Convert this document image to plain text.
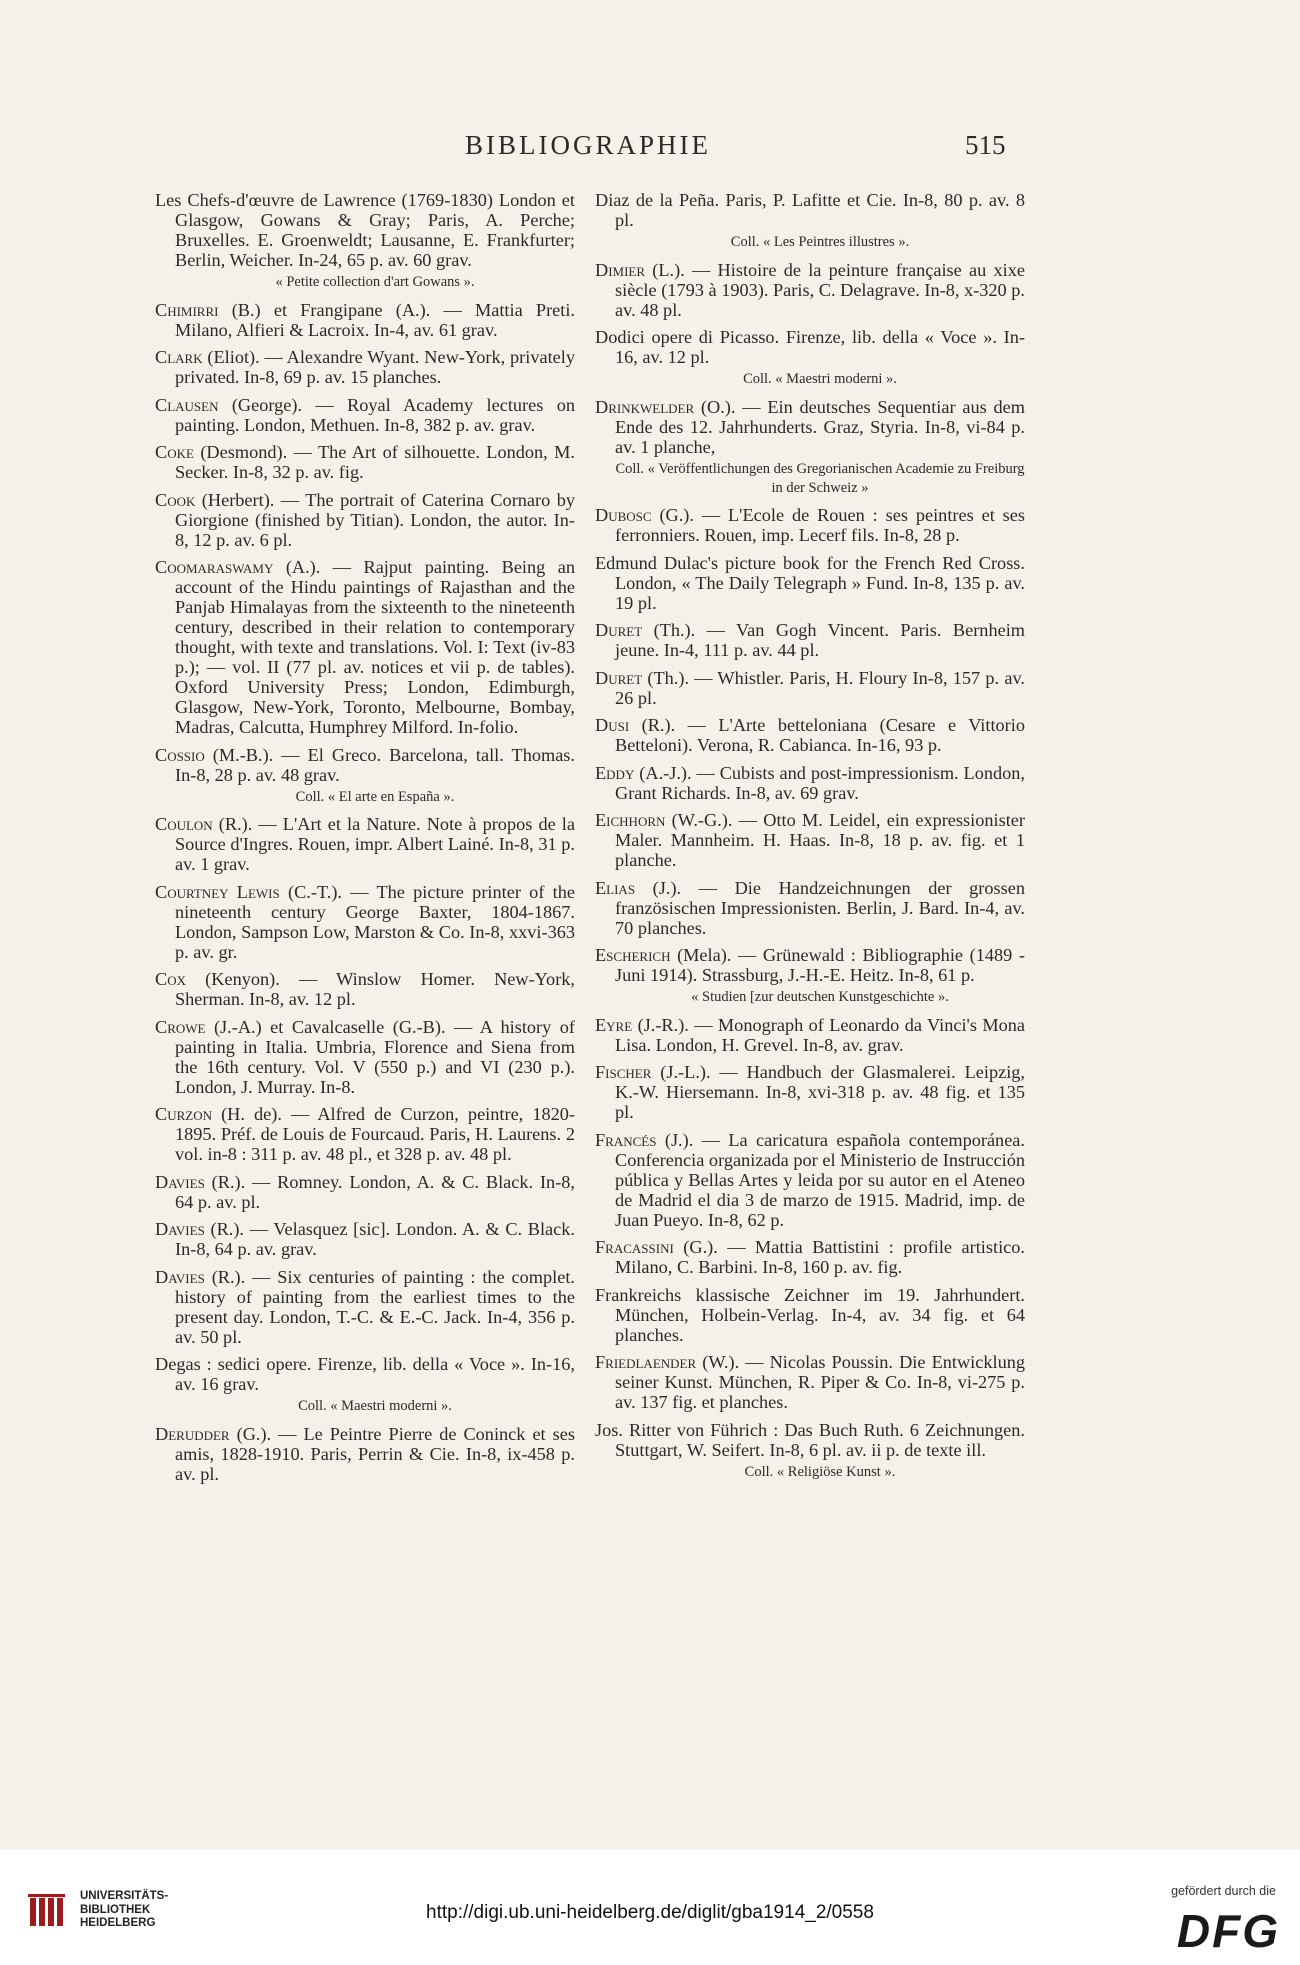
BIBLIOGRAPHIE	515

Les Chefs-d'œuvre de Lawrence (1769-1830) London et Glasgow, Gowans & Gray; Paris, A. Perche; Bruxelles. E. Groenweldt; Lausanne, E. Frankfurter; Berlin, Weicher. In-24, 65 p. av. 60 grav.
« Petite collection d'art Gowans ».

Chimirri (B.) et Frangipane (A.). — Mattia Preti. Milano, Alfieri & Lacroix. In-4, av. 61 grav.

Clark (Eliot). — Alexandre Wyant. New-York, privately privated. In-8, 69 p. av. 15 planches.

Clausen (George). — Royal Academy lectures on painting. London, Methuen. In-8, 382 p. av. grav.

Coke (Desmond). — The Art of silhouette. London, M. Secker. In-8, 32 p. av. fig.

Cook (Herbert). — The portrait of Caterina Cornaro by Giorgione (finished by Titian). London, the autor. In-8, 12 p. av. 6 pl.

Coomaraswamy (A.). — Rajput painting. Being an account of the Hindu paintings of Rajasthan and the Panjab Himalayas from the sixteenth to the nineteenth century, described in their relation to contemporary thought, with texte and translations. Vol. I: Text (iv-83 p.); — vol. II (77 pl. av. notices et vii p. de tables). Oxford University Press; London, Edimburgh, Glasgow, New-York, Toronto, Melbourne, Bombay, Madras, Calcutta, Humphrey Milford. In-folio.

Cossio (M.-B.). — El Greco. Barcelona, tall. Thomas. In-8, 28 p. av. 48 grav.
Coll. « El arte en España ».

Coulon (R.). — L'Art et la Nature. Note à propos de la Source d'Ingres. Rouen, impr. Albert Lainé. In-8, 31 p. av. 1 grav.

Courtney Lewis (C.-T.). — The picture printer of the nineteenth century George Baxter, 1804-1867. London, Sampson Low, Marston & Co. In-8, xxvi-363 p. av. gr.

Cox (Kenyon). — Winslow Homer. New-York, Sherman. In-8, av. 12 pl.

Crowe (J.-A.) et Cavalcaselle (G.-B). — A history of painting in Italia. Umbria, Florence and Siena from the 16th century. Vol. V (550 p.) and VI (230 p.). London, J. Murray. In-8.

Curzon (H. de). — Alfred de Curzon, peintre, 1820-1895. Préf. de Louis de Fourcaud. Paris, H. Laurens. 2 vol. in-8 : 311 p. av. 48 pl., et 328 p. av. 48 pl.

Davies (R.). — Romney. London, A. & C. Black. In-8, 64 p. av. pl.

Davies (R.). — Velasquez [sic]. London. A. & C. Black. In-8, 64 p. av. grav.

Davies (R.). — Six centuries of painting : the complet. history of painting from the earliest times to the present day. London, T.-C. & E.-C. Jack. In-4, 356 p. av. 50 pl.

Degas : sedici opere. Firenze, lib. della « Voce ». In-16, av. 16 grav.
Coll. « Maestri moderni ».

Derudder (G.). — Le Peintre Pierre de Coninck et ses amis, 1828-1910. Paris, Perrin & Cie. In-8, ix-458 p. av. pl.

Diaz de la Peña. Paris, P. Lafitte et Cie. In-8, 80 p. av. 8 pl.
Coll. « Les Peintres illustres ».

Dimier (L.). — Histoire de la peinture française au xixe siècle (1793 à 1903). Paris, C. Delagrave. In-8, x-320 p. av. 48 pl.

Dodici opere di Picasso. Firenze, lib. della « Voce ». In-16, av. 12 pl.
Coll. « Maestri moderni ».

Drinkwelder (O.). — Ein deutsches Sequentiar aus dem Ende des 12. Jahrhunderts. Graz, Styria. In-8, vi-84 p. av. 1 planche,
Coll. « Veröffentlichungen des Gregorianischen Academie zu Freiburg in der Schweiz »

Dubosc (G.). — L'Ecole de Rouen : ses peintres et ses ferronniers. Rouen, imp. Lecerf fils. In-8, 28 p.

Edmund Dulac's picture book for the French Red Cross. London, « The Daily Telegraph » Fund. In-8, 135 p. av. 19 pl.

Duret (Th.). — Van Gogh Vincent. Paris. Bernheim jeune. In-4, 111 p. av. 44 pl.

Duret (Th.). — Whistler. Paris, H. Floury In-8, 157 p. av. 26 pl.

Dusi (R.). — L'Arte betteloniana (Cesare e Vittorio Betteloni). Verona, R. Cabianca. In-16, 93 p.

Eddy (A.-J.). — Cubists and post-impressionism. London, Grant Richards. In-8, av. 69 grav.

Eichhorn (W.-G.). — Otto M. Leidel, ein expressionister Maler. Mannheim. H. Haas. In-8, 18 p. av. fig. et 1 planche.

Elias (J.). — Die Handzeichnungen der grossen französischen Impressionisten. Berlin, J. Bard. In-4, av. 70 planches.

Escherich (Mela). — Grünewald : Bibliographie (1489 - Juni 1914). Strassburg, J.-H.-E. Heitz. In-8, 61 p.
« Studien [zur deutschen Kunstgeschichte ».

Eyre (J.-R.). — Monograph of Leonardo da Vinci's Mona Lisa. London, H. Grevel. In-8, av. grav.

Fischer (J.-L.). — Handbuch der Glasmalerei. Leipzig, K.-W. Hiersemann. In-8, xvi-318 p. av. 48 fig. et 135 pl.

Francés (J.). — La caricatura española contemporánea. Conferencia organizada por el Ministerio de Instrucción pública y Bellas Artes y leida por su autor en el Ateneo de Madrid el dia 3 de marzo de 1915. Madrid, imp. de Juan Pueyo. In-8, 62 p.

Fracassini (G.). — Mattia Battistini : profile artistico. Milano, C. Barbini. In-8, 160 p. av. fig.

Frankreichs klassische Zeichner im 19. Jahrhundert. München, Holbein-Verlag. In-4, av. 34 fig. et 64 planches.

Friedlaender (W.). — Nicolas Poussin. Die Entwicklung seiner Kunst. München, R. Piper & Co. In-8, vi-275 p. av. 137 fig. et planches.

Jos. Ritter von Führich : Das Buch Ruth. 6 Zeichnungen. Stuttgart, W. Seifert. In-8, 6 pl. av. ii p. de texte ill.
Coll. « Religiöse Kunst ».

UNIVERSITÄTS-
BIBLIOTHEK
HEIDELBERG	http://digi.ub.uni-heidelberg.de/diglit/gba1914_2/0558
gefördert durch die
DFG
